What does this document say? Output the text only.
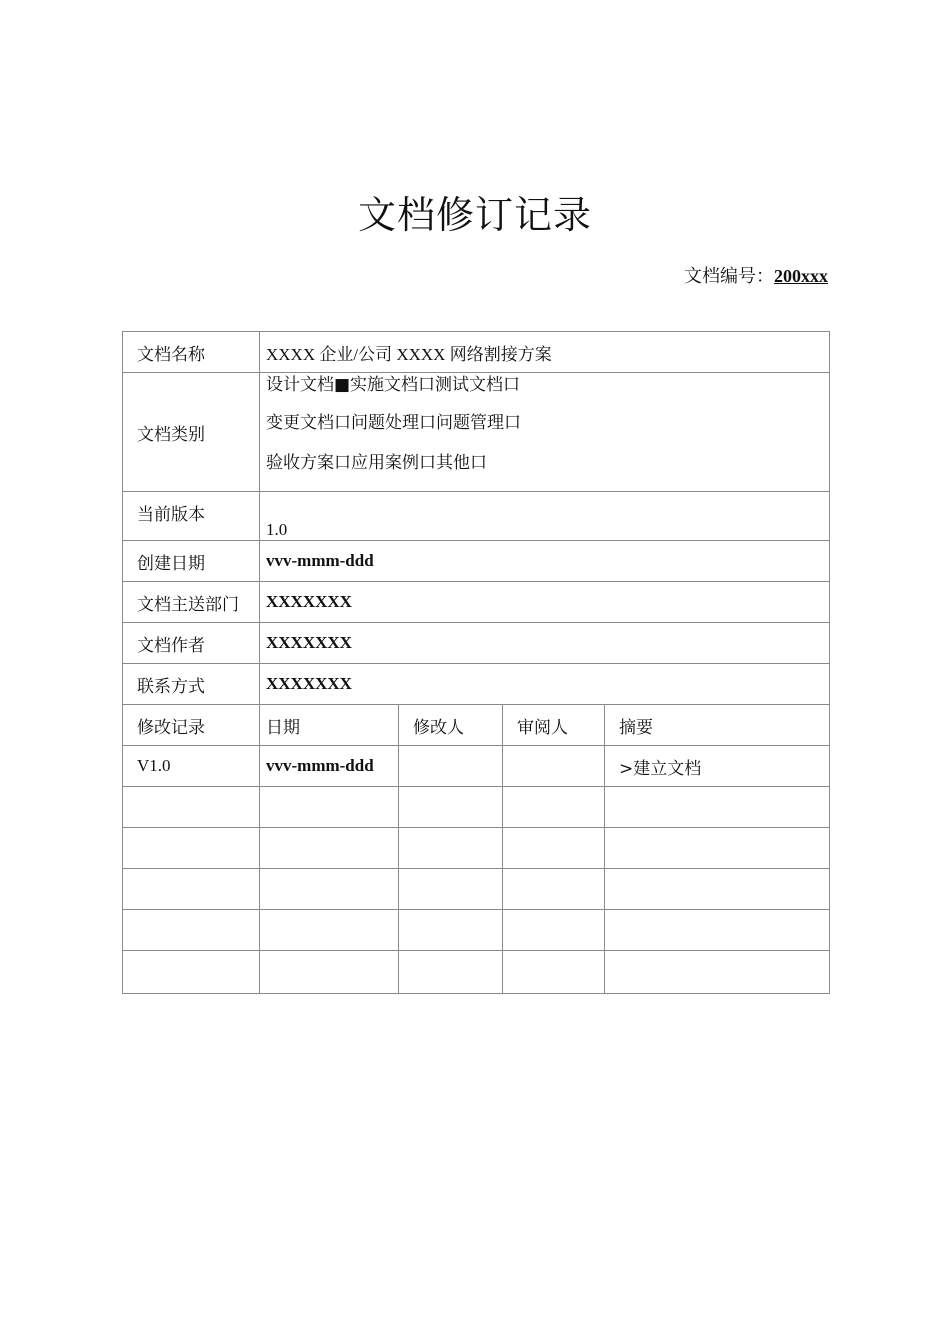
文档修订记录
文档编号：200xxx
文档名称	XXXX 企业/公司 XXXX 网络割接方案			
文档类别	设计文档■实施文档口测试文档口
变更文档口问题处理口问题管理口
验收方案口应用案例口其他口			

当前版本	1.0			
创建日期	vvv-mmm-ddd			
文档主送部门	XXXXXXX			
文档作者	XXXXXXX			
联系方式	XXXXXXX			
修改记录	日期	修改人	审阅人	摘要
V1.0	vvv-mmm-ddd			>建立文档
